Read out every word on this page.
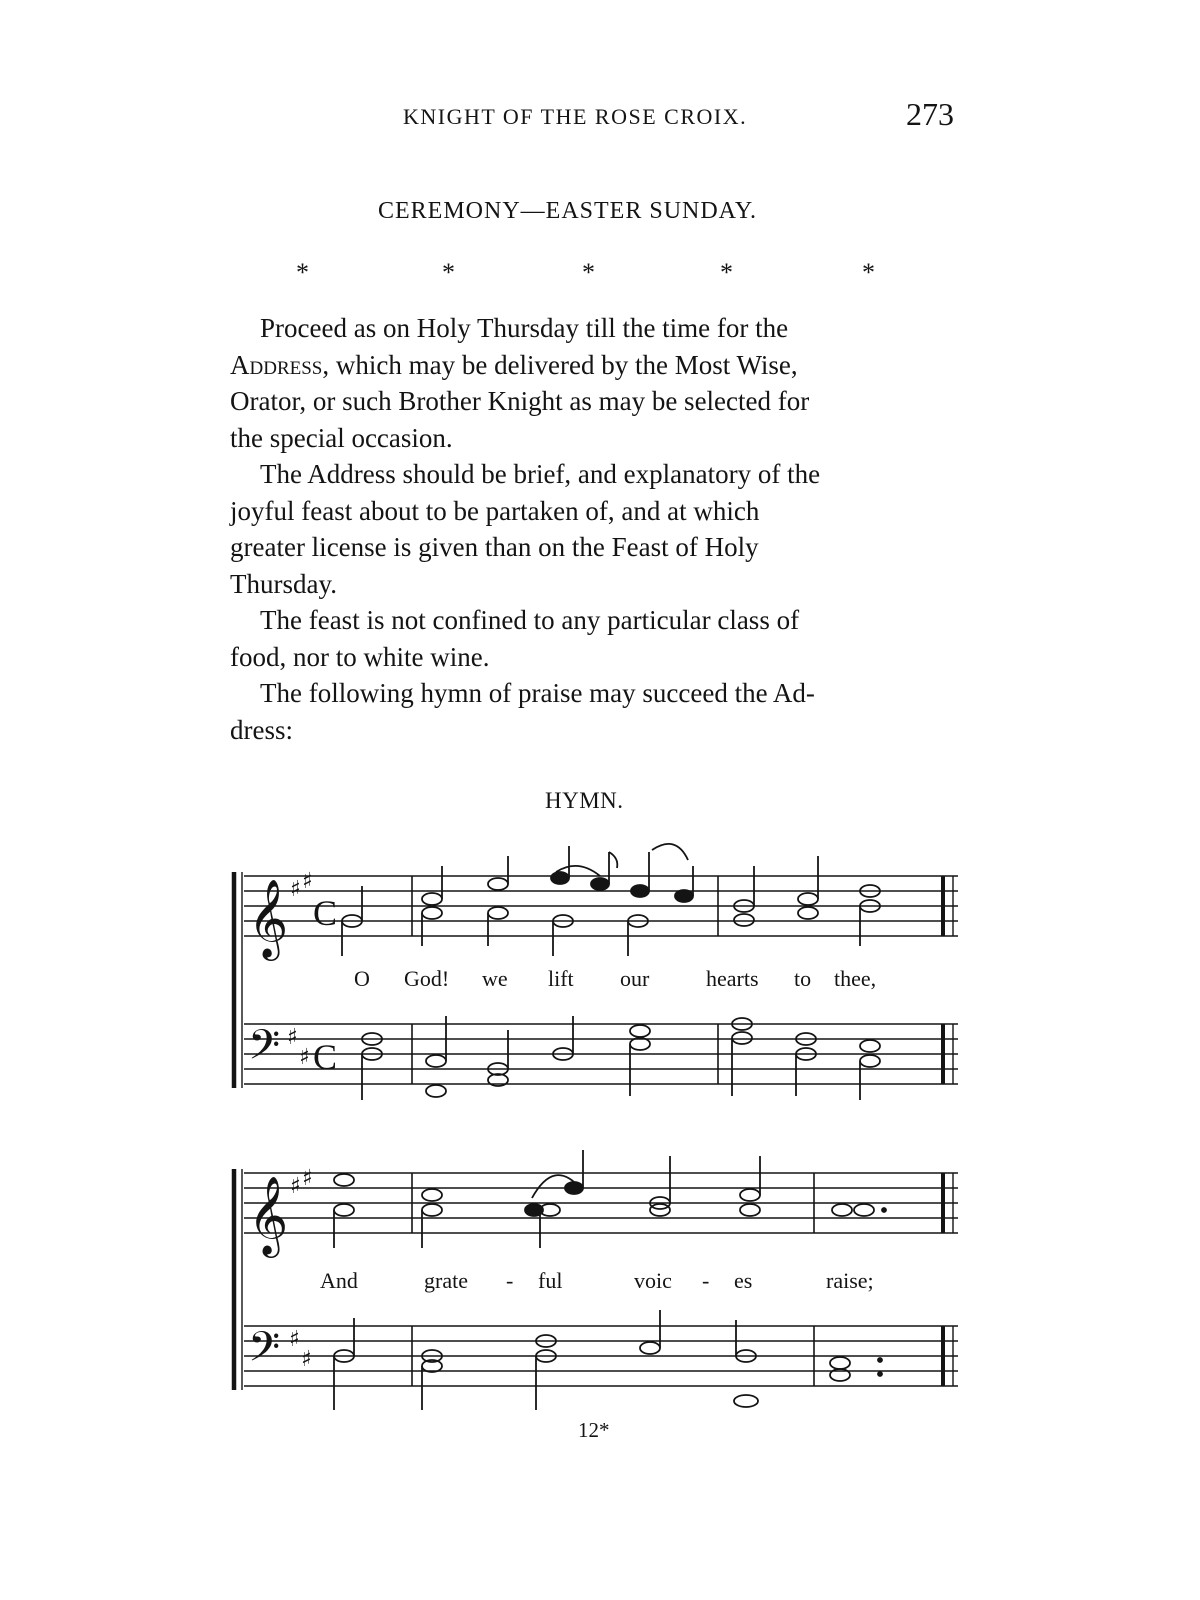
KNIGHT OF THE ROSE CROIX.	273
CEREMONY—EASTER SUNDAY.
*	*	*	*	*

Proceed as on Holy Thursday till the time for the
Address, which may be delivered by the Most Wise,
Orator, or such Brother Knight as may be selected for
the special occasion.

The Address should be brief, and explanatory of the
joyful feast about to be partaken of, and at which
greater license is given than on the Feast of Holy
Thursday.

The feast is not confined to any particular class of
food, nor to white wine.

The following hymn of praise may succeed the Ad-
dress:

HYMN.
𝄞 ♯ ♯
C
𝄢 ♯
♯ C
𝄞 ♯ ♯
𝄢 ♯
♯
O God! we lift our	hearts to thee,
And	grate - ful	voic - es	raise;
12*
